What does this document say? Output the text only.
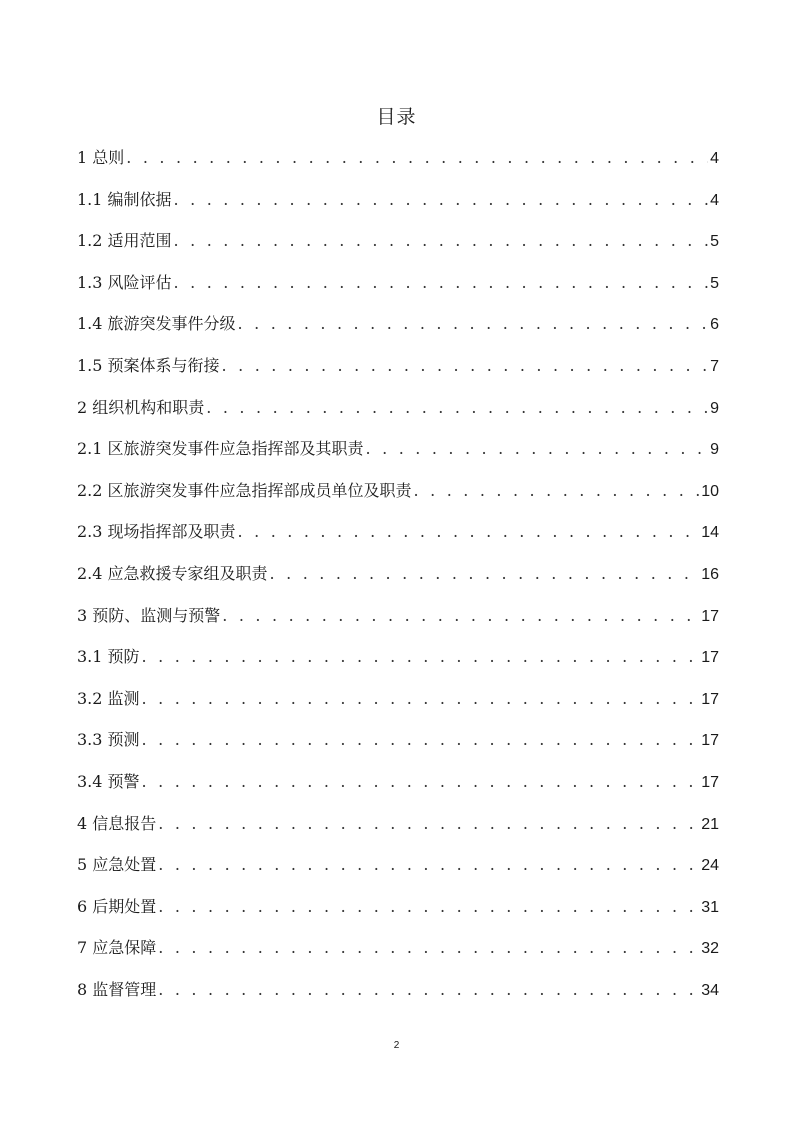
目录
1 总则 . . .	4
1.1 编制依据 . . .	4
1.2 适用范围 . . .	5
1.3 风险评估 . . .	5
1.4 旅游突发事件分级 . . .	6
1.5 预案体系与衔接 . . .	7
2 组织机构和职责 . . .	9
2.1 区旅游突发事件应急指挥部及其职责 . . .	9
2.2 区旅游突发事件应急指挥部成员单位及职责 . . .	10
2.3 现场指挥部及职责 . . .	14
2.4 应急救援专家组及职责 . . .	16
3 预防、监测与预警 . . .	17
3.1 预防 . . .	17
3.2 监测 . . .	17
3.3 预测 . . .	17
3.4 预警 . . .	17
4 信息报告 . . .	21
5 应急处置 . . .	24
6 后期处置 . . .	31
7 应急保障 . . .	32
8 监督管理 . . .	34
2
